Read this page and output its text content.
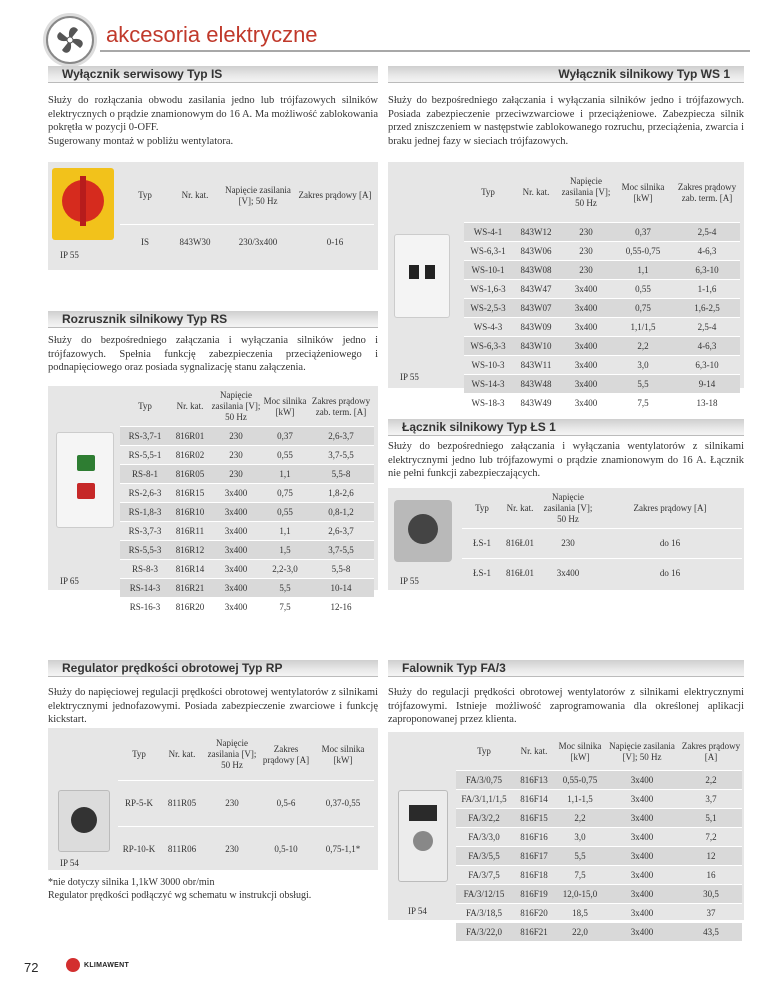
akcesoria elektryczne
Wyłącznik serwisowy Typ IS
Służy do rozłączania obwodu zasilania jedno lub trójfazowych silników elektrycznych o prądzie znamionowym do 16 A. Ma możliwość zablokowania pokrętła w pozycji 0-OFF.
Sugerowany montaż w pobliżu wentylatora.
IP 55
Typ	Nr. kat.	Napięcie zasilania [V]; 50 Hz	Zakres prądowy [A]
IS	843W30	230/3x400	0-16
Wyłącznik silnikowy Typ WS 1
Służy do bezpośredniego załączania i wyłączania silników jedno i trójfazowych. Posiada zabezpieczenie przeciwzwarciowe i przeciążeniowe. Zabezpiecza silnik przed zniszczeniem w następstwie zablokowanego rozruchu, przeciążenia, zwarcia i braku jednej fazy w sieciach trójfazowych.
IP 55
Typ	Nr. kat.	Napięcie zasilania [V]; 50 Hz	Moc silnika [kW]	Zakres prądowy zab. term. [A]
WS-4-1	843W12	230	0,37	2,5-4
WS-6,3-1	843W06	230	0,55-0,75	4-6,3
WS-10-1	843W08	230	1,1	6,3-10
WS-1,6-3	843W47	3x400	0,55	1-1,6
WS-2,5-3	843W07	3x400	0,75	1,6-2,5
WS-4-3	843W09	3x400	1,1/1,5	2,5-4
WS-6,3-3	843W10	3x400	2,2	4-6,3
WS-10-3	843W11	3x400	3,0	6,3-10
WS-14-3	843W48	3x400	5,5	9-14
WS-18-3	843W49	3x400	7,5	13-18
Rozrusznik silnikowy Typ RS
Służy do bezpośredniego załączania i wyłączania silników jedno i trójfazowych. Spełnia funkcję zabezpieczenia przeciążeniowego i podnapięciowego oraz posiada sygnalizację stanu załączenia.
IP 65
Typ	Nr. kat.	Napięcie zasilania [V]; 50 Hz	Moc silnika [kW]	Zakres prądowy zab. term. [A]
RS-3,7-1	816R01	230	0,37	2,6-3,7
RS-5,5-1	816R02	230	0,55	3,7-5,5
RS-8-1	816R05	230	1,1	5,5-8
RS-2,6-3	816R15	3x400	0,75	1,8-2,6
RS-1,8-3	816R10	3x400	0,55	0,8-1,2
RS-3,7-3	816R11	3x400	1,1	2,6-3,7
RS-5,5-3	816R12	3x400	1,5	3,7-5,5
RS-8-3	816R14	3x400	2,2-3,0	5,5-8
RS-14-3	816R21	3x400	5,5	10-14
RS-16-3	816R20	3x400	7,5	12-16
Łącznik silnikowy Typ ŁS 1
Służy do bezpośredniego załączania i wyłączania wentylatorów z silnikami elektrycznymi jedno lub trójfazowymi o prądzie znamionowym do 16 A. Łącznik nie pełni funkcji zabezpieczających.
IP 55
Typ	Nr. kat.	Napięcie zasilania [V]; 50 Hz	Zakres prądowy [A]
ŁS-1	816Ł01	230	do 16
ŁS-1	816Ł01	3x400	do 16
Regulator prędkości obrotowej Typ RP
Służy do napięciowej regulacji prędkości obrotowej wentylatorów z silnikami elektrycznymi jednofazowymi. Posiada zabezpieczenie zwarciowe i funkcję kickstart.
IP 54
Typ	Nr. kat.	Napięcie zasilania [V]; 50 Hz	Zakres prądowy [A]	Moc silnika [kW]
RP-5-K	811R05	230	0,5-6	0,37-0,55
RP-10-K	811R06	230	0,5-10	0,75-1,1*
*nie dotyczy silnika 1,1kW 3000 obr/min
Regulator prędkości podłączyć wg schematu w instrukcji obsługi.
Falownik Typ FA/3
Służy do regulacji prędkości obrotowej wentylatorów z silnikami elektrycznymi trójfazowymi. Istnieje możliwość zaprogramowania dla określonej aplikacji zaproponowanej przez klienta.
IP 54
Typ	Nr. kat.	Moc silnika [kW]	Napięcie zasilania [V]; 50 Hz	Zakres prądowy [A]
FA/3/0,75	816F13	0,55-0,75	3x400	2,2
FA/3/1,1/1,5	816F14	1,1-1,5	3x400	3,7
FA/3/2,2	816F15	2,2	3x400	5,1
FA/3/3,0	816F16	3,0	3x400	7,2
FA/3/5,5	816F17	5,5	3x400	12
FA/3/7,5	816F18	7,5	3x400	16
FA/3/12/15	816F19	12,0-15,0	3x400	30,5
FA/3/18,5	816F20	18,5	3x400	37
FA/3/22,0	816F21	22,0	3x400	43,5
72	KLIMAWENT
